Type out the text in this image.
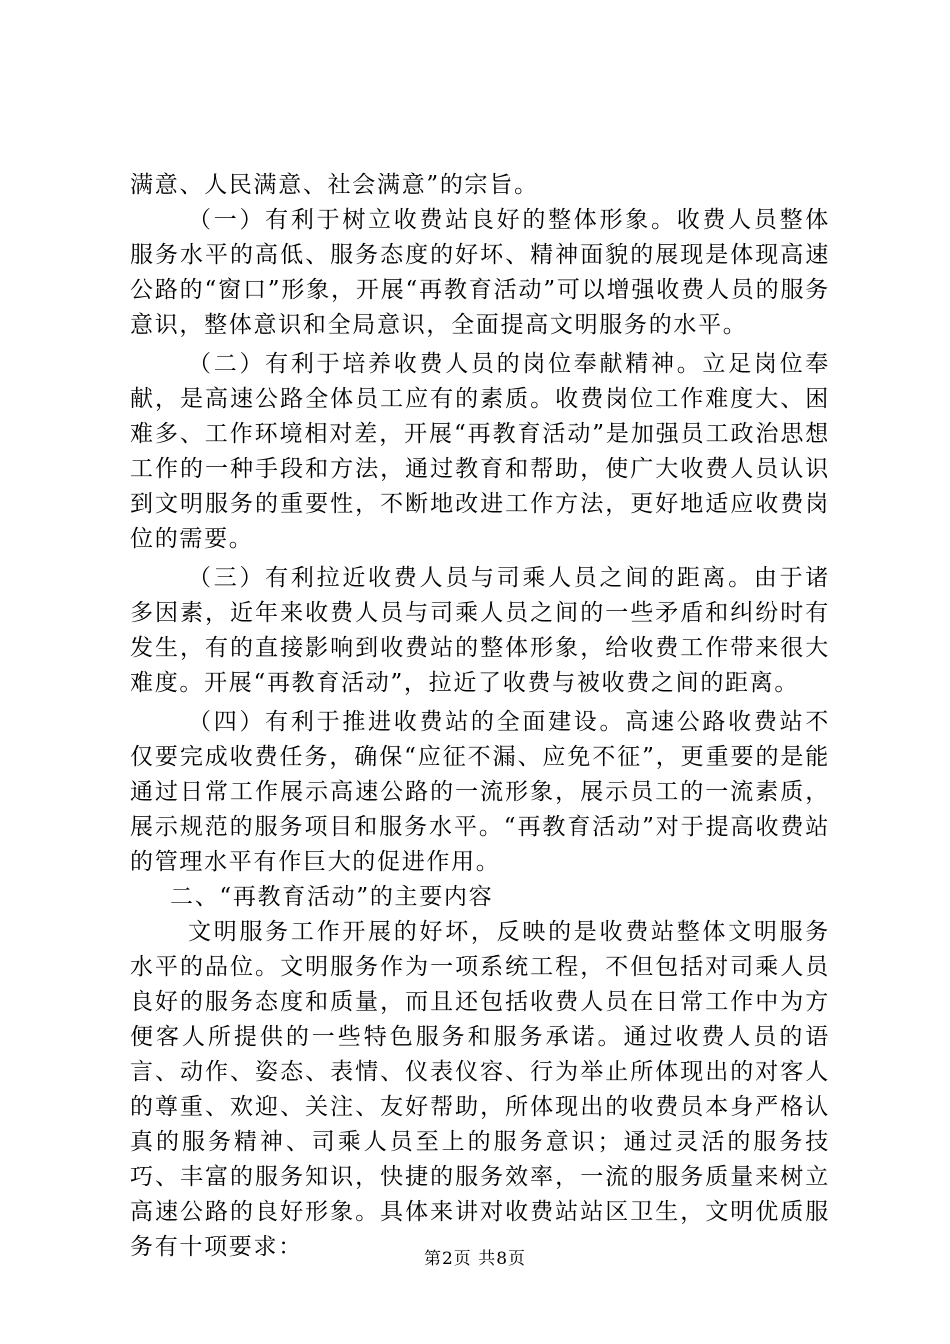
满意、人民满意、社会满意”的宗旨。

（一）有利于树立收费站良好的整体形象。收费人员整体服务水平的高低、服务态度的好坏、精神面貌的展现是体现高速公路的“窗口”形象，开展“再教育活动”可以增强收费人员的服务意识，整体意识和全局意识，全面提高文明服务的水平。

（二）有利于培养收费人员的岗位奉献精神。立足岗位奉献，是高速公路全体员工应有的素质。收费岗位工作难度大、困难多、工作环境相对差，开展“再教育活动”是加强员工政治思想工作的一种手段和方法，通过教育和帮助，使广大收费人员认识到文明服务的重要性，不断地改进工作方法，更好地适应收费岗位的需要。

（三）有利拉近收费人员与司乘人员之间的距离。由于诸多因素，近年来收费人员与司乘人员之间的一些矛盾和纠纷时有发生，有的直接影响到收费站的整体形象，给收费工作带来很大难度。开展“再教育活动”，拉近了收费与被收费之间的距离。

（四）有利于推进收费站的全面建设。高速公路收费站不仅要完成收费任务，确保“应征不漏、应免不征”，更重要的是能通过日常工作展示高速公路的一流形象，展示员工的一流素质，展示规范的服务项目和服务水平。“再教育活动”对于提高收费站的管理水平有作巨大的促进作用。

二、“再教育活动”的主要内容

文明服务工作开展的好坏，反映的是收费站整体文明服务水平的品位。文明服务作为一项系统工程，不但包括对司乘人员良好的服务态度和质量，而且还包括收费人员在日常工作中为方便客人所提供的一些特色服务和服务承诺。通过收费人员的语言、动作、姿态、表情、仪表仪容、行为举止所体现出的对客人的尊重、欢迎、关注、友好帮助，所体现出的收费员本身严格认真的服务精神、司乘人员至上的服务意识；通过灵活的服务技巧、丰富的服务知识，快捷的服务效率，一流的服务质量来树立高速公路的良好形象。具体来讲对收费站站区卫生，文明优质服务有十项要求：	第2页 共8页
